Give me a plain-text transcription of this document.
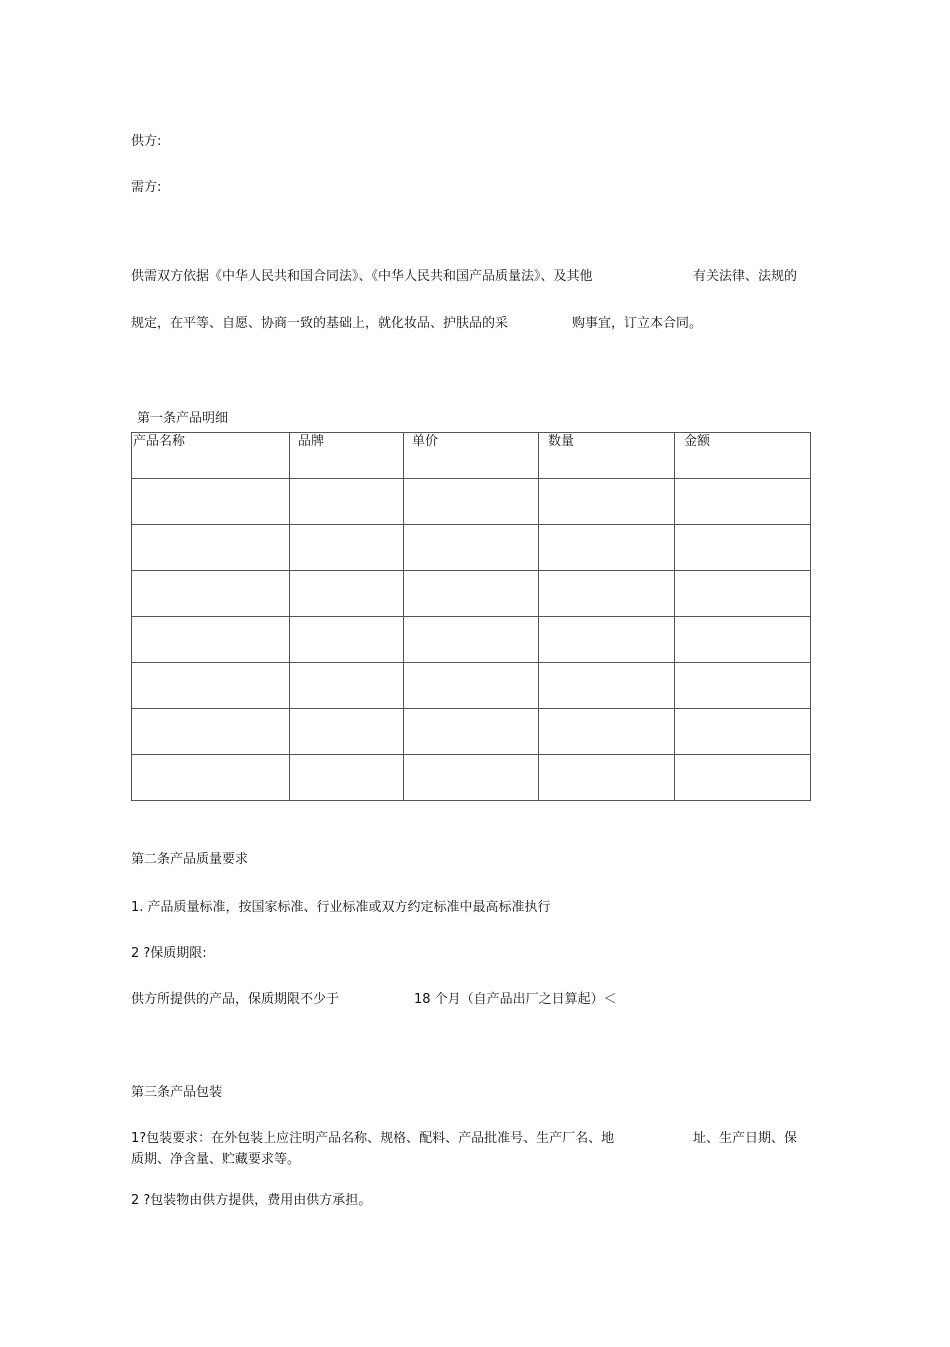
供方:
需方:
供需双方依据《中华人民共和国合同法》、《中华人民共和国产品质量法》、及其他	有关法律、法规的
规定，在平等、自愿、协商一致的基础上，就化妆品、护肤品的采	购事宜，订立本合同。
第一条产品明细
产品名称	品牌	单价	数量	金额

第二条产品质量要求
1. 产品质量标准，按国家标准、行业标准或双方约定标准中最高标准执行
2 ?保质期限:
供方所提供的产品，保质期限不少于	18 个月（自产品出厂之日算起）＜
第三条产品包装
1?包装要求：在外包装上应注明产品名称、规格、配料、产品批准号、生产厂名、地	址、生产日期、保
质期、净含量、贮藏要求等。
2 ?包装物由供方提供，费用由供方承担。
